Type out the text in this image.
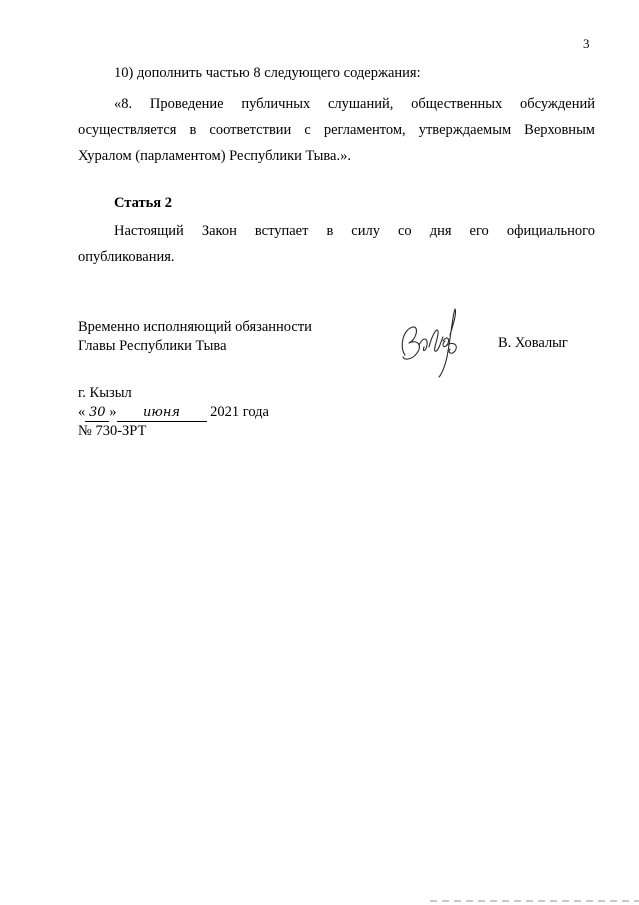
3
10) дополнить частью 8 следующего содержания:
«8. Проведение публичных слушаний, общественных обсуждений
осуществляется в соответствии с регламентом, утверждаемым Верховным
Хуралом (парламентом) Республики Тыва.».
Статья 2
Настоящий Закон вступает в силу со дня его официального
опубликования.
Временно исполняющий обязанности
Главы Республики Тыва	В. Ховалыг
г. Кызыл
« 30 » июня 2021 года
№ 730-ЗРТ
